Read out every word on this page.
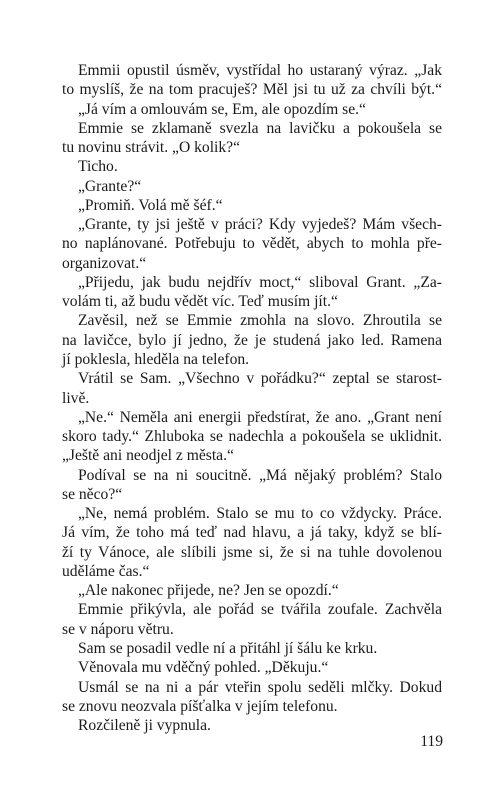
Emmii opustil úsměv, vystřídal ho ustaraný výraz. „Jak
to myslíš, že na tom pracuješ? Měl jsi tu už za chvíli být.“
„Já vím a omlouvám se, Em, ale opozdím se.“
Emmie se zklamaně svezla na lavičku a pokoušela se
tu novinu strávit. „O kolik?“
Ticho.
„Grante?“
„Promiň. Volá mě šéf.“
„Grante, ty jsi ještě v práci? Kdy vyjedeš? Mám všech-
no naplánované. Potřebuju to vědět, abych to mohla pře-
organizovat.“
„Přijedu, jak budu nejdřív moct,“ sliboval Grant. „Za-
volám ti, až budu vědět víc. Teď musím jít.“
Zavěsil, než se Emmie zmohla na slovo. Zhroutila se
na lavičce, bylo jí jedno, že je studená jako led. Ramena
jí poklesla, hleděla na telefon.
Vrátil se Sam. „Všechno v pořádku?“ zeptal se starost-
livě.
„Ne.“ Neměla ani energii předstírat, že ano. „Grant není
skoro tady.“ Zhluboka se nadechla a pokoušela se uklidnit.
„Ještě ani neodjel z města.“
Podíval se na ni soucitně. „Má nějaký problém? Stalo
se něco?“
„Ne, nemá problém. Stalo se mu to co vždycky. Práce.
Já vím, že toho má teď nad hlavu, a já taky, když se blí-
ží ty Vánoce, ale slíbili jsme si, že si na tuhle dovolenou
uděláme čas.“
„Ale nakonec přijede, ne? Jen se opozdí.“
Emmie přikývla, ale pořád se tvářila zoufale. Zachvěla
se v náporu větru.
Sam se posadil vedle ní a přitáhl jí šálu ke krku.
Věnovala mu vděčný pohled. „Děkuju.“
Usmál se na ni a pár vteřin spolu seděli mlčky. Dokud
se znovu neozvala píšťalka v jejím telefonu.
Rozčileně ji vypnula.
119
